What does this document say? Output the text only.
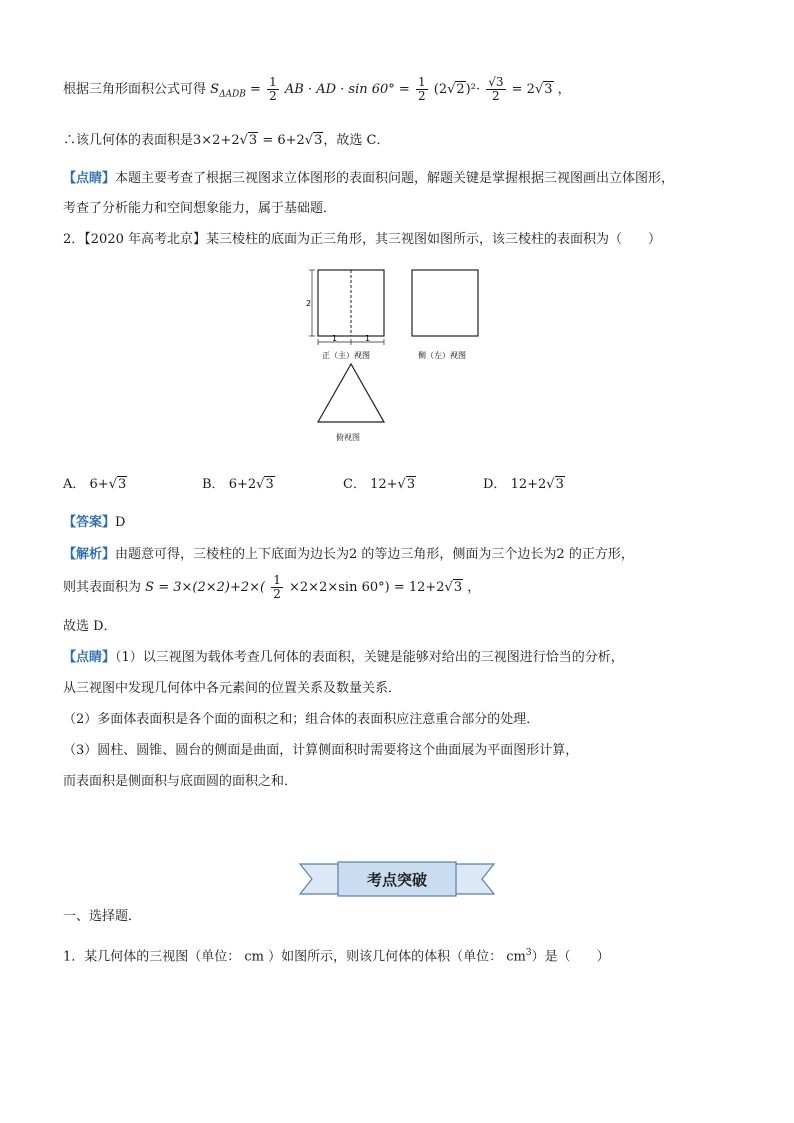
根据三角形面积公式可得 $S_{\Delta ADB} = \frac{1}{2}$ AB · AD · $\sin 60^\circ = \frac{1}{2} (2√2)^2\cdot \frac{√3}{2} = 2√3$ ，
∴该几何体的表面积是3×2+2√3 = 6+2√3，故选 C．
【点睛】本题主要考查了根据三视图求立体图形的表面积问题，解题关键是掌握根据三视图画出立体图形，
考查了分析能力和空间想象能力，属于基础题．
2．【2020 年高考北京】某三棱柱的底面为正三角形，其三视图如图所示，该三棱柱的表面积为（　　）
2
1	1
正（主）视图	侧（左）视图
俯视图
A． 6+√3	B． 6+2√3	C． 12+√3	D． 12+2√3
【答案】D
【解析】由题意可得，三棱柱的上下底面为边长为2 的等边三角形，侧面为三个边长为2 的正方形，
则其表面积为 $S = 3\times(2\times 2)+2\times( \frac{1}{2} \times 2\times 2\times\sin$ 60°) = 12+2√3 ，
故选 D．
【点睛】（1）以三视图为载体考查几何体的表面积，关键是能够对给出的三视图进行恰当的分析，
从三视图中发现几何体中各元素间的位置关系及数量关系．
（2）多面体表面积是各个面的面积之和；组合体的表面积应注意重合部分的处理．
（3）圆柱、圆锥、圆台的侧面是曲面，计算侧面积时需要将这个曲面展为平面图形计算，
而表面积是侧面积与底面圆的面积之和．
考点突破
一、选择题．
1．某几何体的三视图（单位： cm ）如图所示，则该几何体的体积（单位： $cm^3$）是（　　）
